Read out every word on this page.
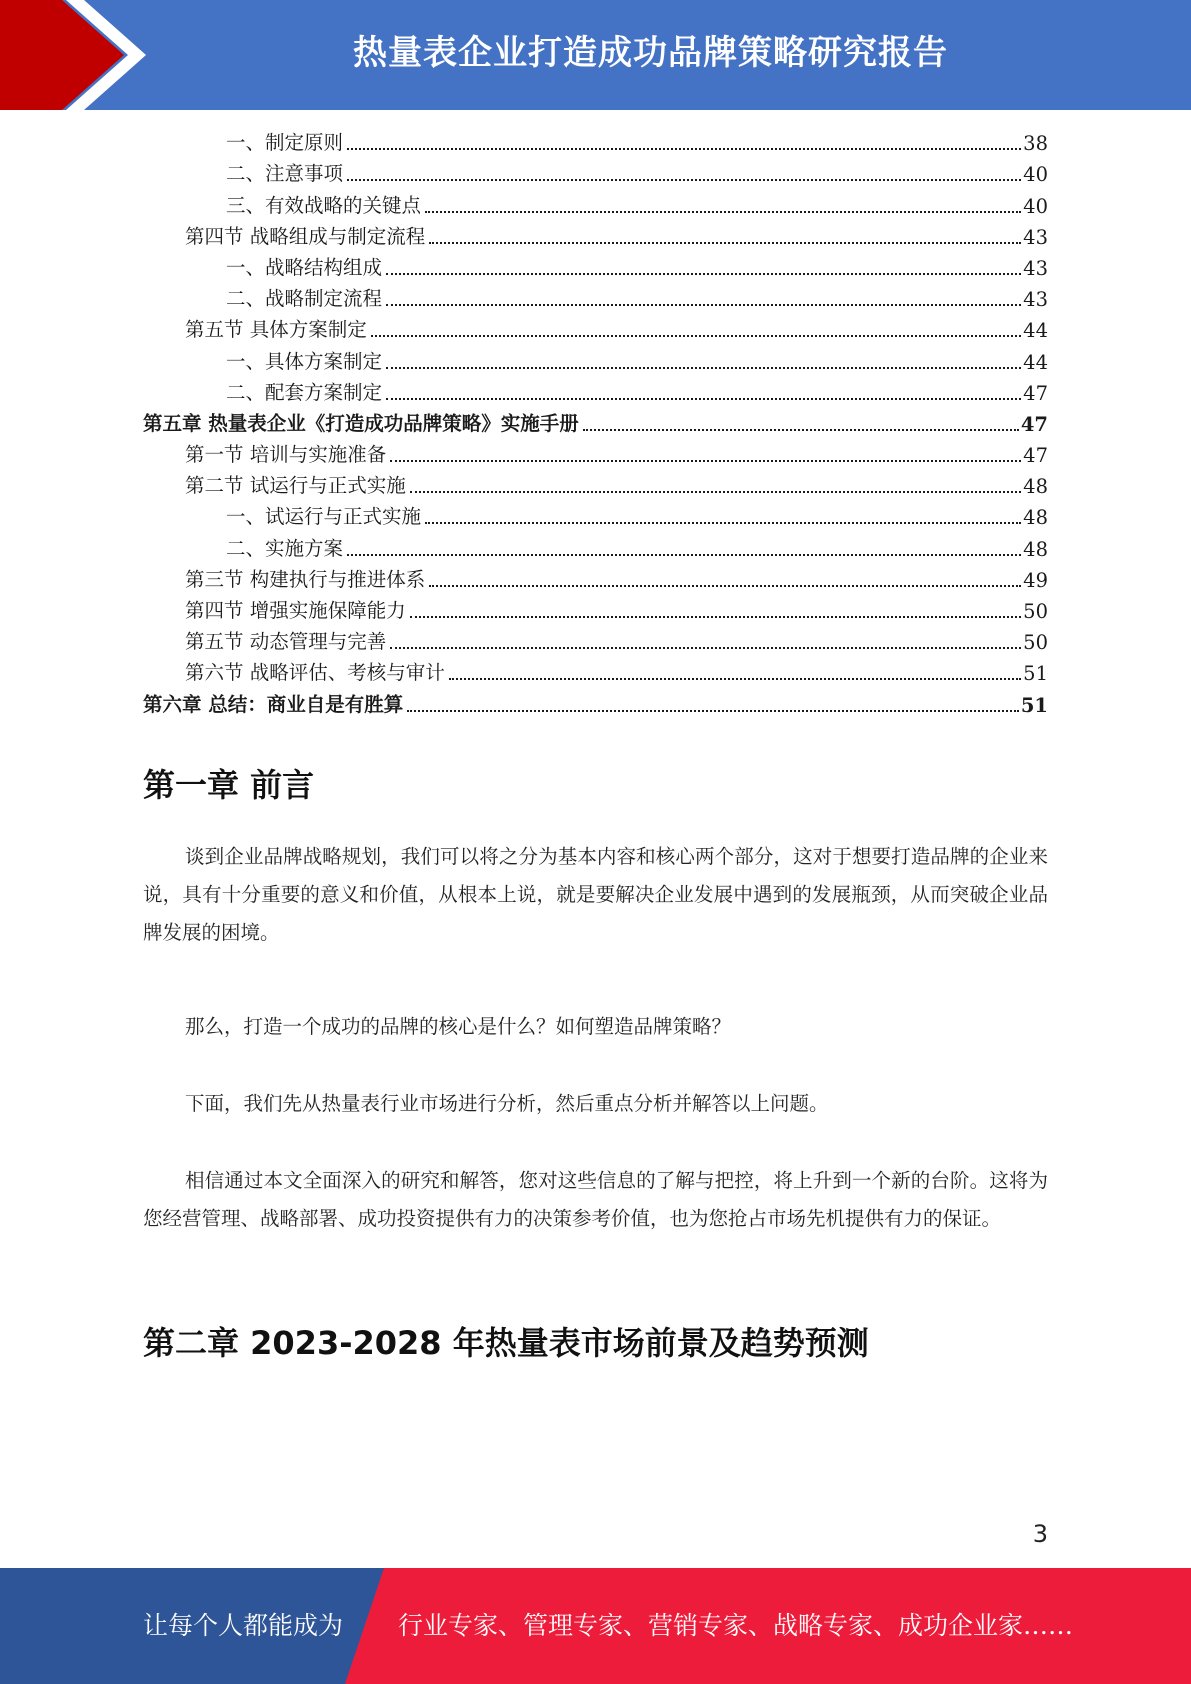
热量表企业打造成功品牌策略研究报告
一、制定原则	38
二、注意事项	40
三、有效战略的关键点	40
第四节 战略组成与制定流程	43
一、战略结构组成	43
二、战略制定流程	43
第五节 具体方案制定	44
一、具体方案制定	44
二、配套方案制定	47
第五章 热量表企业《打造成功品牌策略》实施手册	47
第一节 培训与实施准备	47
第二节 试运行与正式实施	48
一、试运行与正式实施	48
二、实施方案	48
第三节 构建执行与推进体系	49
第四节 增强实施保障能力	50
第五节 动态管理与完善	50
第六节 战略评估、考核与审计	51
第六章 总结：商业自是有胜算	51
第一章 前言

谈到企业品牌战略规划，我们可以将之分为基本内容和核心两个部分，这对于想要打造品牌的企业来说，具有十分重要的意义和价值，从根本上说，就是要解决企业发展中遇到的发展瓶颈，从而突破企业品牌发展的困境。

那么，打造一个成功的品牌的核心是什么？如何塑造品牌策略？

下面，我们先从热量表行业市场进行分析，然后重点分析并解答以上问题。

相信通过本文全面深入的研究和解答，您对这些信息的了解与把控，将上升到一个新的台阶。这将为您经营管理、战略部署、成功投资提供有力的决策参考价值，也为您抢占市场先机提供有力的保证。

第二章 2023-2028 年热量表市场前景及趋势预测
3
让每个人都能成为 行业专家、管理专家、营销专家、战略专家、成功企业家……
